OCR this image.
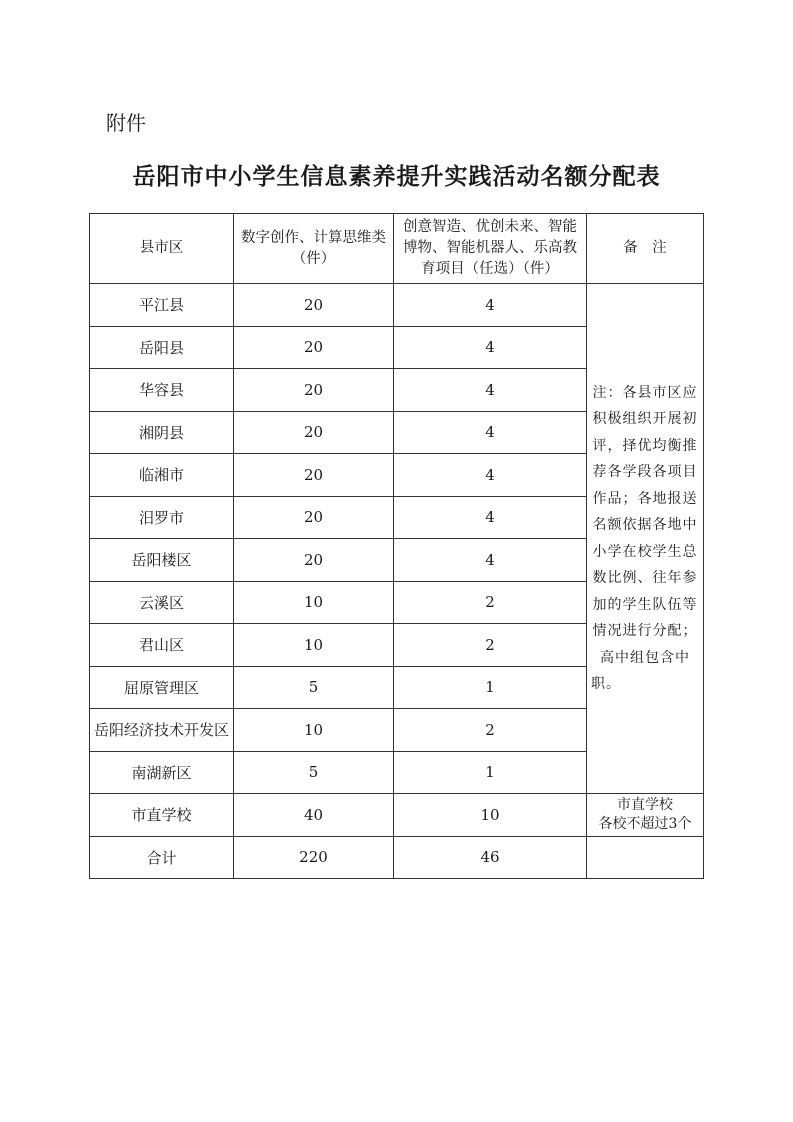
附件
岳阳市中小学生信息素养提升实践活动名额分配表
县市区	数字创作、计算思维类（件）	创意智造、优创未来、智能博物、智能机器人、乐高教育项目（任选）（件）	备　注
平江县	20	4	注：各县市区应积极组织开展初评，择优均衡推荐各学段各项目作品；各地报送名额依据各地中小学在校学生总数比例、往年参加的学生队伍等情况进行分配；高中组包含中职。
岳阳县	20	4	
华容县	20	4	
湘阴县	20	4	
临湘市	20	4	
汨罗市	20	4	
岳阳楼区	20	4	
云溪区	10	2	
君山区	10	2	
屈原管理区	5	1	
岳阳经济技术开发区	10	2	
南湖新区	5	1	
市直学校	40	10	市直学校
各校不超过3个

合计	220	46	
